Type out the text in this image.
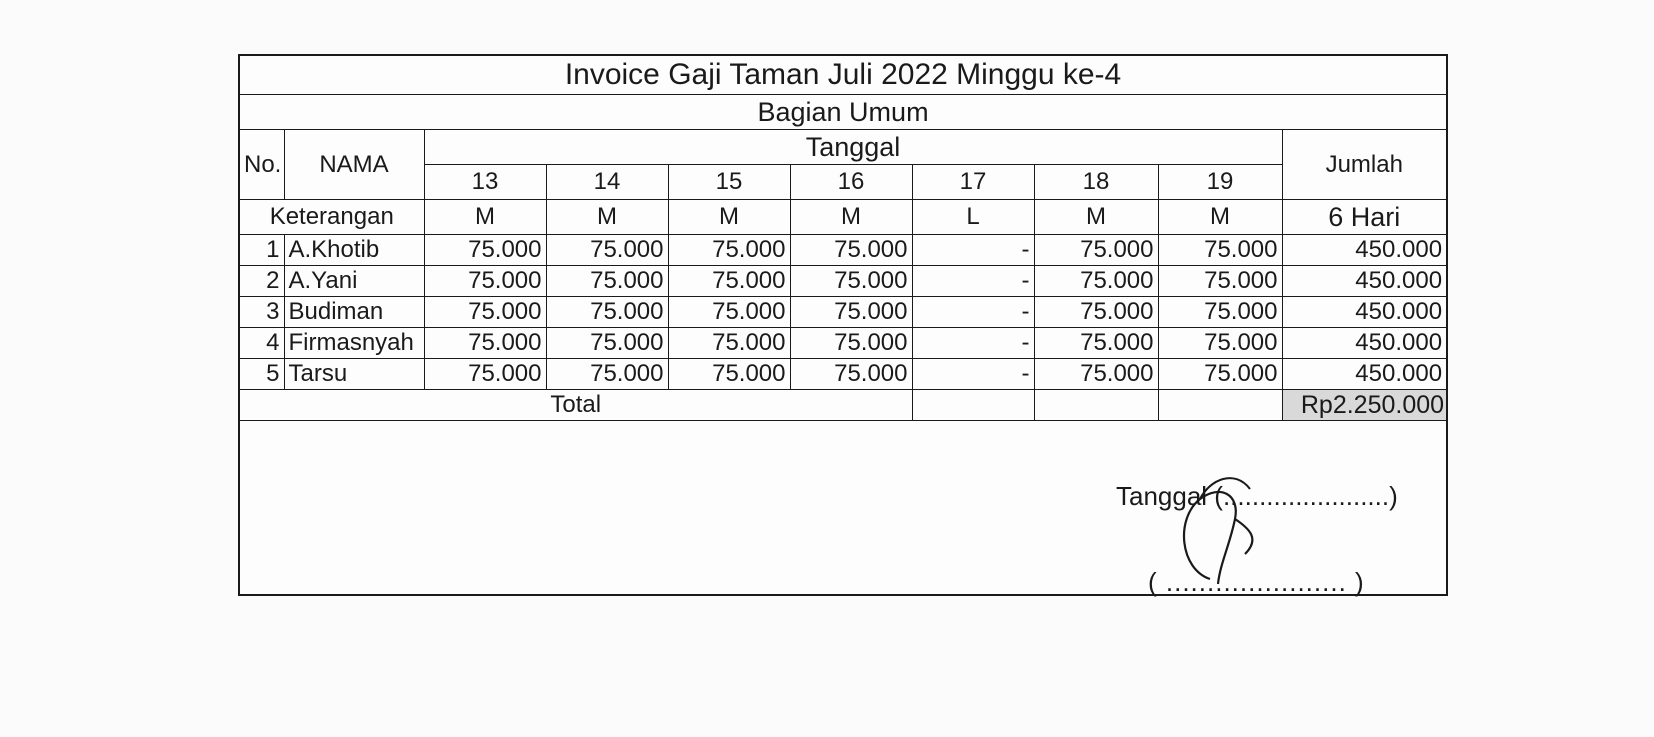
Invoice Gaji Taman Juli 2022 Minggu ke-4									
Bagian Umum									
No.	NAMA	Tanggal							Jumlah
		13	14	15	16	17	18	19	
Keterangan		M	M	M	M	L	M	M	6 Hari
1	A.Khotib	75.000	75.000	75.000	75.000	-	75.000	75.000	450.000
2	A.Yani	75.000	75.000	75.000	75.000	-	75.000	75.000	450.000
3	Budiman	75.000	75.000	75.000	75.000	-	75.000	75.000	450.000
4	Firmasnyah	75.000	75.000	75.000	75.000	-	75.000	75.000	450.000
5	Tarsu	75.000	75.000	75.000	75.000	-	75.000	75.000	450.000
Total									Rp2.250.000
Tanggal (.......................)
( ...................... )
